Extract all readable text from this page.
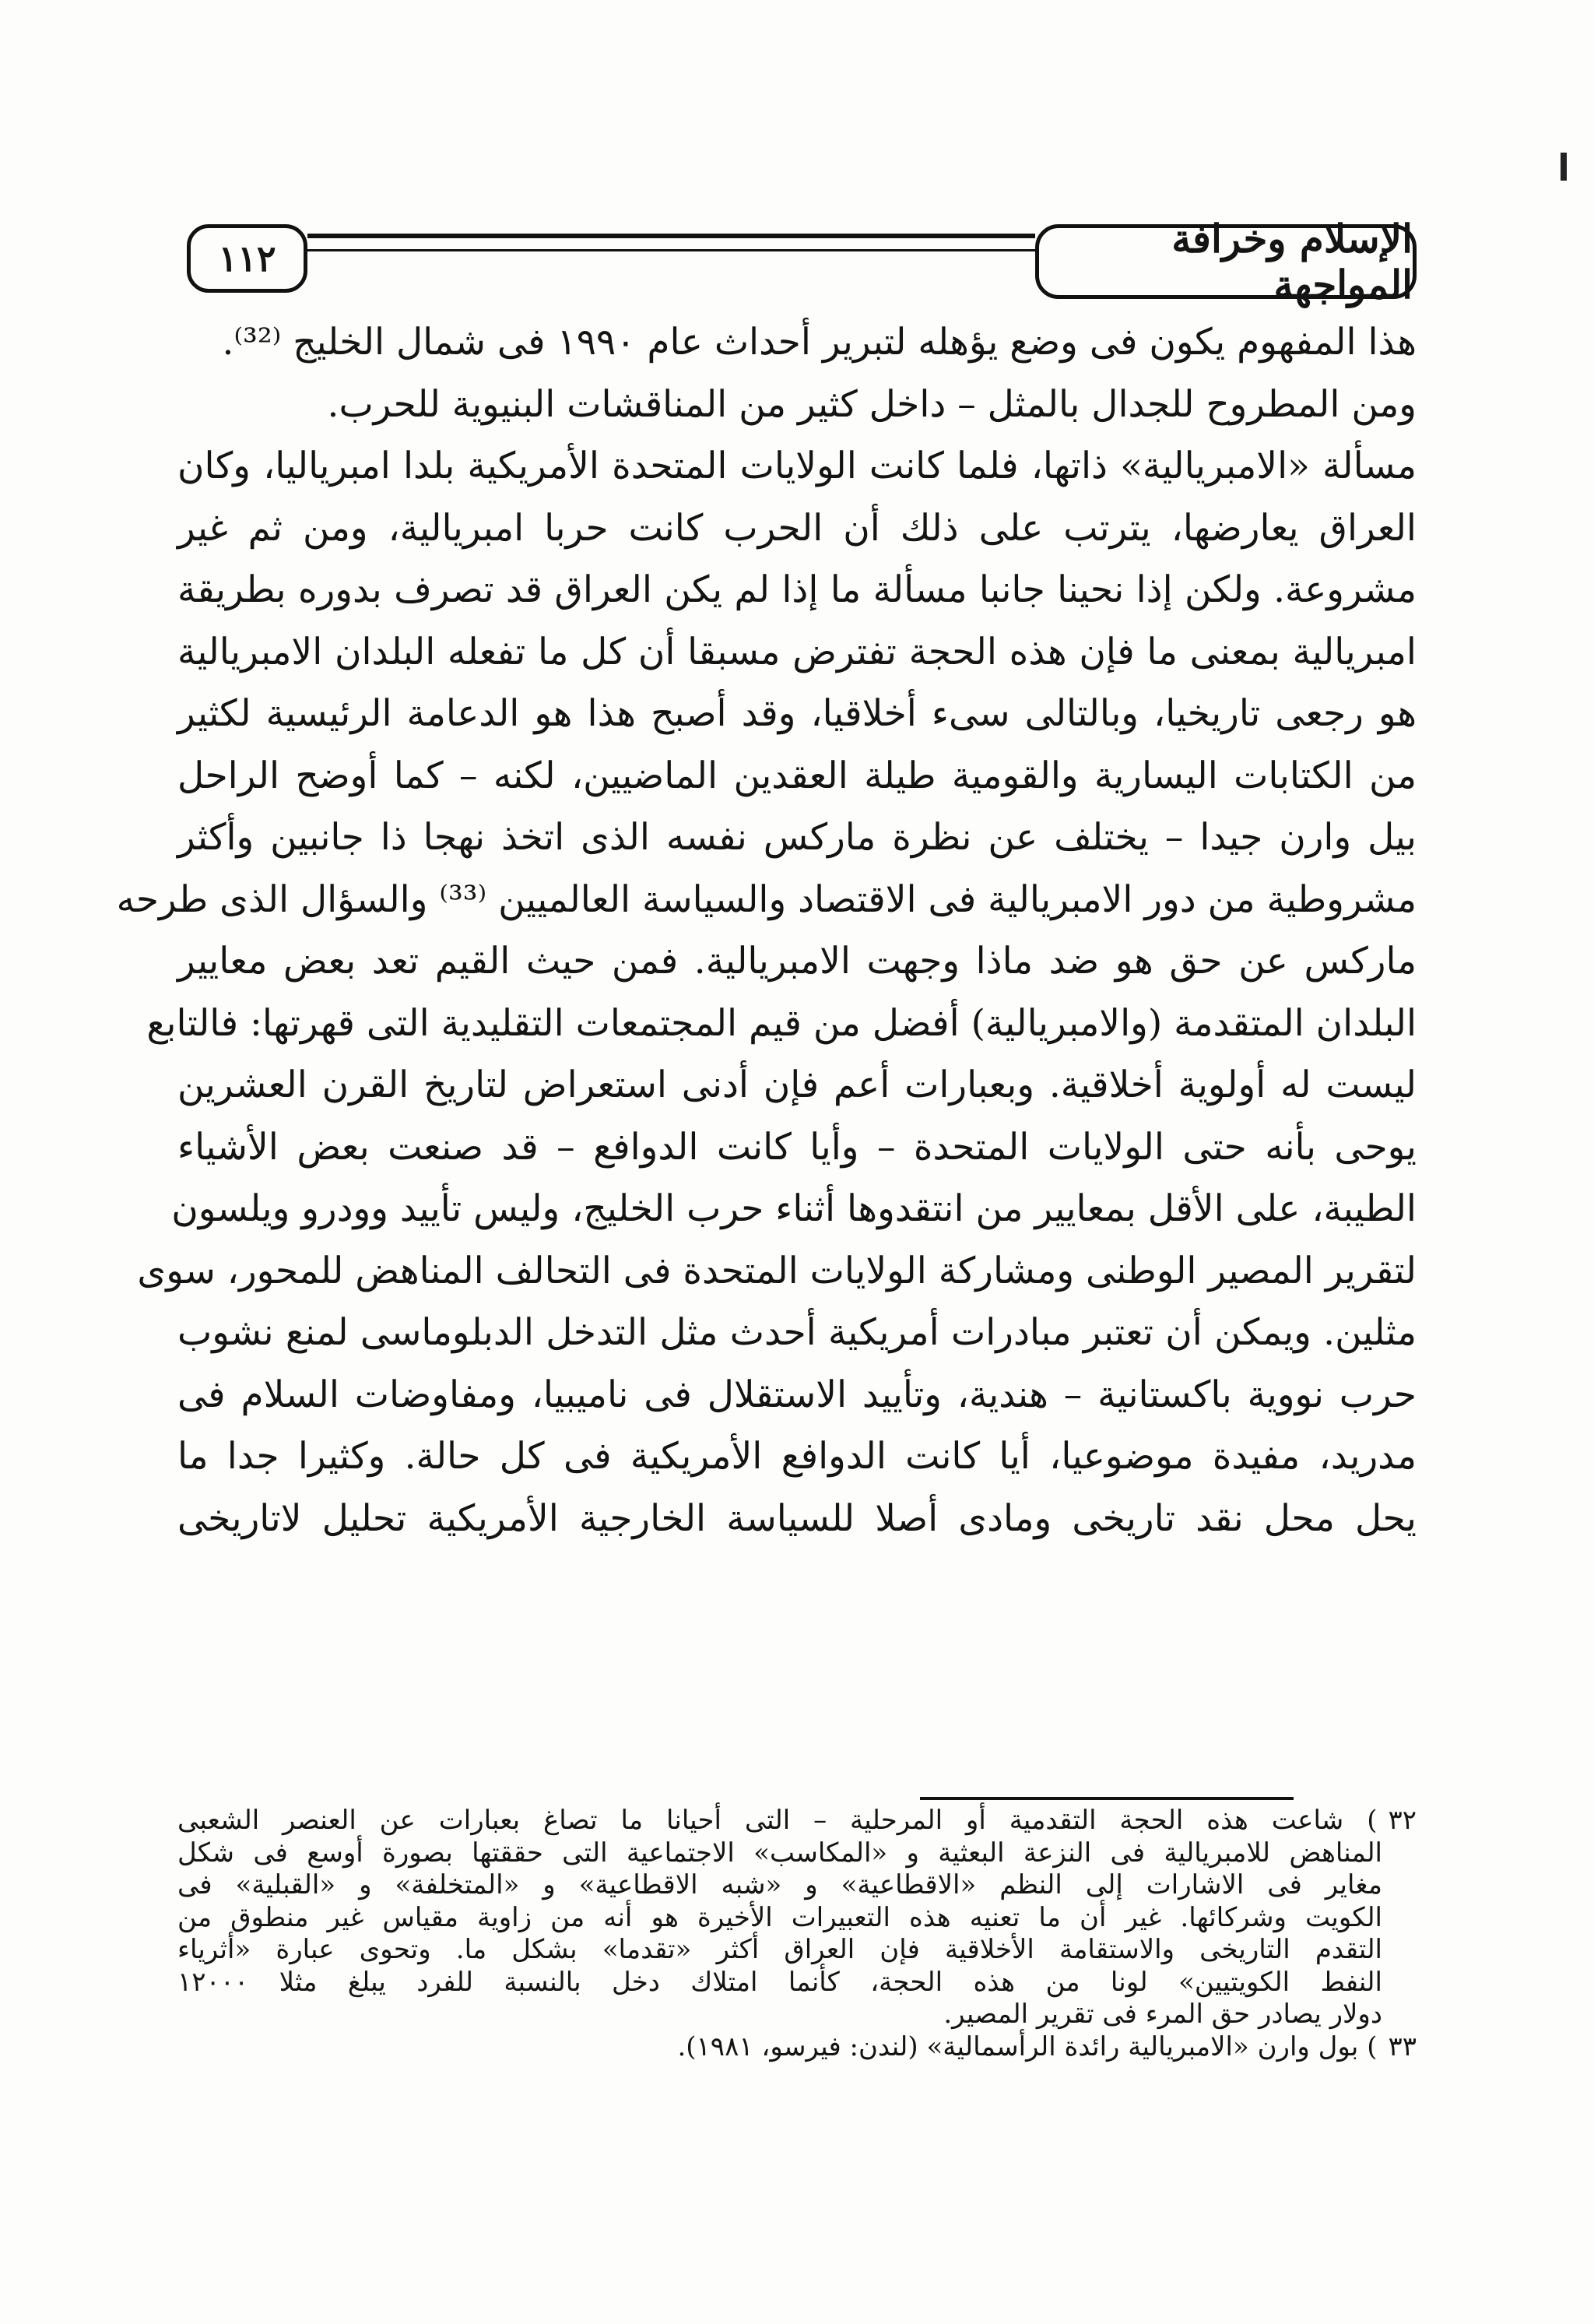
١١٢	الإسلام وخرافة المواجهة
هذا المفهوم يكون فى وضع يؤهله لتبرير أحداث عام ١٩٩٠ فى شمال الخليج ⁽³²⁾.
ومن المطروح للجدال بالمثل – داخل كثير من المناقشات البنيوية للحرب.
مسألة «الامبريالية» ذاتها، فلما كانت الولايات المتحدة الأمريكية بلدا امبرياليا، وكان
العراق يعارضها، يترتب على ذلك أن الحرب كانت حربا امبريالية، ومن ثم غير
مشروعة. ولكن إذا نحينا جانبا مسألة ما إذا لم يكن العراق قد تصرف بدوره بطريقة
امبريالية بمعنى ما فإن هذه الحجة تفترض مسبقا أن كل ما تفعله البلدان الامبريالية
هو رجعى تاريخيا، وبالتالى سىء أخلاقيا، وقد أصبح هذا هو الدعامة الرئيسية لكثير
من الكتابات اليسارية والقومية طيلة العقدين الماضيين، لكنه – كما أوضح الراحل
بيل وارن جيدا – يختلف عن نظرة ماركس نفسه الذى اتخذ نهجا ذا جانبين وأكثر
مشروطية من دور الامبريالية فى الاقتصاد والسياسة العالميين ⁽³³⁾ والسؤال الذى طرحه
ماركس عن حق هو ضد ماذا وجهت الامبريالية. فمن حيث القيم تعد بعض معايير
البلدان المتقدمة (والامبريالية) أفضل من قيم المجتمعات التقليدية التى قهرتها: فالتابع
ليست له أولوية أخلاقية. وبعبارات أعم فإن أدنى استعراض لتاريخ القرن العشرين
يوحى بأنه حتى الولايات المتحدة – وأيا كانت الدوافع – قد صنعت بعض الأشياء
الطيبة، على الأقل بمعايير من انتقدوها أثناء حرب الخليج، وليس تأييد وودرو ويلسون
لتقرير المصير الوطنى ومشاركة الولايات المتحدة فى التحالف المناهض للمحور، سوى
مثلين. ويمكن أن تعتبر مبادرات أمريكية أحدث مثل التدخل الدبلوماسى لمنع نشوب
حرب نووية باكستانية – هندية، وتأييد الاستقلال فى ناميبيا، ومفاوضات السلام فى
مدريد، مفيدة موضوعيا، أيا كانت الدوافع الأمريكية فى كل حالة. وكثيرا جدا ما
يحل محل نقد تاريخى ومادى أصلا للسياسة الخارجية الأمريكية تحليل لاتاريخى
٣٢) شاعت هذه الحجة التقدمية أو المرحلية – التى أحيانا ما تصاغ بعبارات عن العنصر الشعبى
المناهض للامبريالية فى النزعة البعثية و «المكاسب» الاجتماعية التى حققتها بصورة أوسع فى شكل
مغاير فى الاشارات إلى النظم «الاقطاعية» و «شبه الاقطاعية» و «المتخلفة» و «القبلية» فى
الكويت وشركائها. غير أن ما تعنيه هذه التعبيرات الأخيرة هو أنه من زاوية مقياس غير منطوق من
التقدم التاريخى والاستقامة الأخلاقية فإن العراق أكثر «تقدما» بشكل ما. وتحوى عبارة «أثرياء
النفط الكويتيين» لونا من هذه الحجة، كأنما امتلاك دخل بالنسبة للفرد يبلغ مثلا ١٢٠٠٠
دولار يصادر حق المرء فى تقرير المصير.
٣٣) بول وارن «الامبريالية رائدة الرأسمالية» (لندن: فيرسو، ١٩٨١).
